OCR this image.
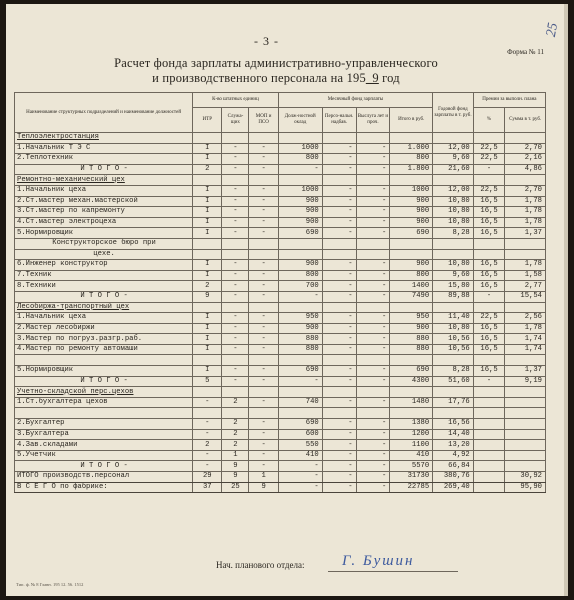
- 3 -
25
Форма № 11
Расчет фонда зарплаты административно-управленческого
и производственного персонала на 195_9 год
Наименование структурных подразделений и наименование должностей	К-во штатных единиц			Месячный фонд зарплаты				Годовой фонд зарплаты в т. руб.	Премии за выполн. плана	
	ИТР	Служа-щих	МОП и ПСО	Долж-ностной оклад	Персо-нальн. надбав.	Выслуга лет и проч.	Итого в руб.		%	Сумма в т. руб.
Теплоэлектростанция										
1.Начальник Т Э С	I	-	-	1000	-	-	1.000	12,00	22,5	2,70
2.Теплотехник	I	-	-	800	-	-	800	9,60	22,5	2,16
И Т О Г О -	2	-	-	-	-	-	1.800	21,60	-	4,86
Ремонтно-механический цех										
1.Начальник цеха	I	-	-	1000	-	-	1000	12,00	22,5	2,70
2.Ст.мастер механ.мастерской	I	-	-	900	-	-	900	10,80	16,5	1,78
3.Ст.мастер по капремонту	I	-	-	900	-	-	900	10,80	16,5	1,78
4.Ст.мастер электроцеха	I	-	-	900	-	-	900	10,80	16,5	1,78
5.Нормировщик	I	-	-	690	-	-	690	8,28	16,5	1,37
Конструкторское бюро при										
цехе.										
6.Инженер конструктор	I	-	-	900	-	-	900	10,80	16,5	1,78
7.Техник	I	-	-	800	-	-	800	9,60	16,5	1,58
8.Техники	2	-	-	700	-	-	1400	15,80	16,5	2,77
И Т О Г О -	9	-	-	-	-	-	7490	89,88	-	15,54
Лесобиржа-транспортный цех										
1.Начальник цеха	I	-	-	950	-	-	950	11,40	22,5	2,56
2.Мастер лесобиржи	I	-	-	900	-	-	900	10,80	16,5	1,78
3.Мастер по погруз.разгр.раб.	I	-	-	880	-	-	880	10,56	16,5	1,74
4.Мастер по ремонту автомаши	I	-	-	880	-	-	880	10,56	16,5	1,74

5.Нормировщик	I	-	-	690	-	-	690	8,28	16,5	1,37
И Т О Г О -	5	-	-	-	-	-	4300	51,60	-	9,19
Учетно-складской перс.цехов										
1.Ст.бухгалтера цехов	-	2	-	740	-	-	1480	17,76		

2.Бухгалтер	-	2	-	690	-	-	1380	16,56		
3.Бухгалтера	-	2	-	600	-	-	1200	14,40		
4.Зав.складами	2	2	-	550	-	-	1100	13,20		
5.Учетчик	-	1	-	410	-	-	410	4,92		
И Т О Г О -	-	9	-	-	-	-	5570	66,84		
ИТОГО производств.персонал	29	9	1	-	-	-	31730	380,76		30,92
В С Е Г О по фабрике:	37	25	9	-	-	-	22785	269,40		95,90
Нач. планового отдела:	Г. Бушин
Тип. ф. № 8 Главн. 195 12. 56. 1512
